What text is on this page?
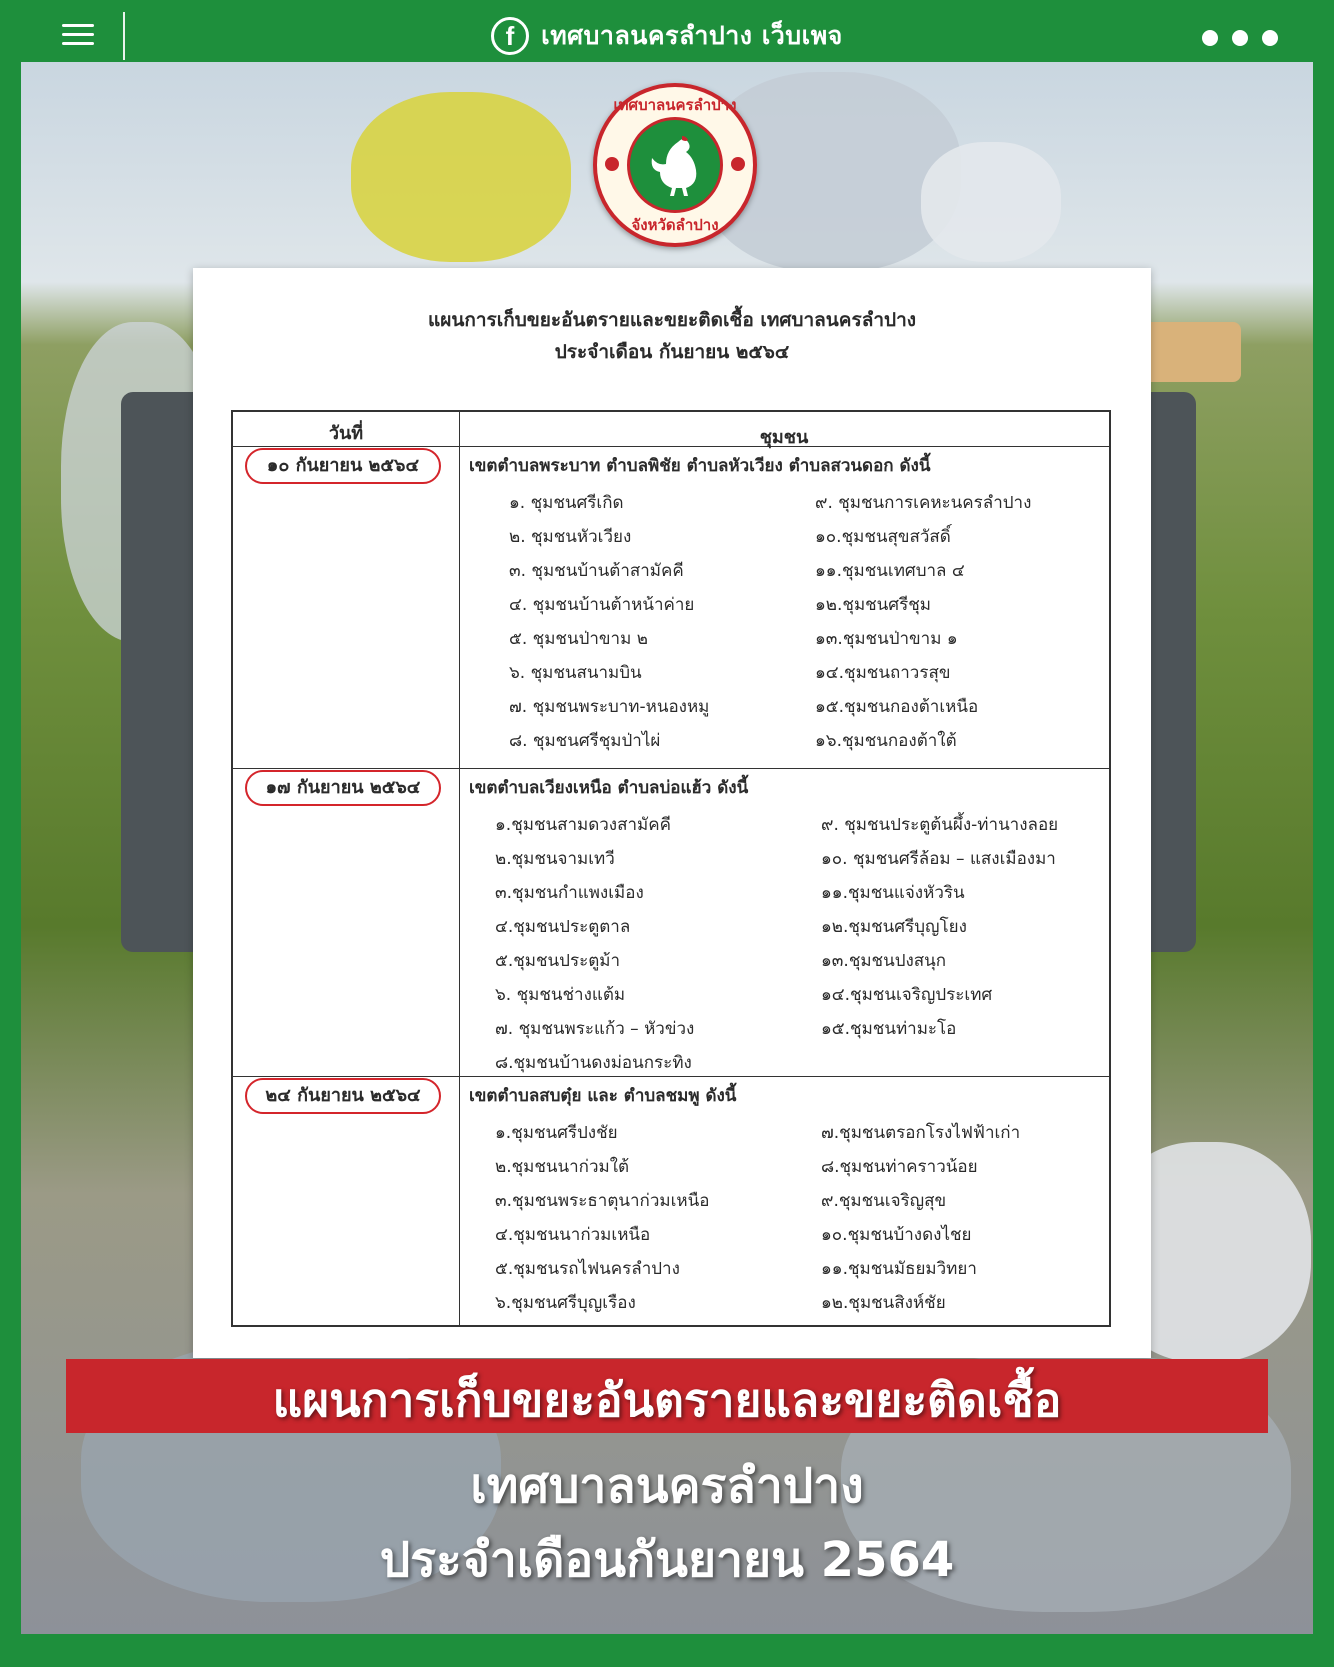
f เทศบาลนครลำปาง เว็บเพจ
เทศบาลนครลำปาง
จังหวัดลำปาง
แผนการเก็บขยะอันตรายและขยะติดเชื้อ เทศบาลนครลำปาง
ประจำเดือน กันยายน ๒๕๖๔
วันที่	ชุมชน
๑๐ กันยายน ๒๕๖๔	เขตตำบลพระบาท ตำบลพิชัย ตำบลหัวเวียง ตำบลสวนดอก ดังนี้
๑. ชุมชนศรีเกิด
๒. ชุมชนหัวเวียง
๓. ชุมชนบ้านต้าสามัคคี
๔. ชุมชนบ้านต้าหน้าค่าย
๕. ชุมชนป่าขาม ๒
๖. ชุมชนสนามบิน
๗. ชุมชนพระบาท-หนองหมู
๘. ชุมชนศรีชุมป่าไผ่
๙. ชุมชนการเคหะนครลำปาง
๑๐.ชุมชนสุขสวัสดิ์
๑๑.ชุมชนเทศบาล ๔
๑๒.ชุมชนศรีชุม
๑๓.ชุมชนป่าขาม ๑
๑๔.ชุมชนถาวรสุข
๑๕.ชุมชนกองต้าเหนือ
๑๖.ชุมชนกองต้าใต้
๑๗ กันยายน ๒๕๖๔	เขตตำบลเวียงเหนือ ตำบลบ่อแฮ้ว ดังนี้
๑.ชุมชนสามดวงสามัคคี
๒.ชุมชนจามเทวี
๓.ชุมชนกำแพงเมือง
๔.ชุมชนประตูตาล
๕.ชุมชนประตูม้า
๖. ชุมชนช่างแต้ม
๗. ชุมชนพระแก้ว – หัวข่วง
๘.ชุมชนบ้านดงม่อนกระทิง
๙. ชุมชนประตูต้นผึ้ง-ท่านางลอย
๑๐. ชุมชนศรีล้อม – แสงเมืองมา
๑๑.ชุมชนแจ่งหัวริน
๑๒.ชุมชนศรีบุญโยง
๑๓.ชุมชนปงสนุก
๑๔.ชุมชนเจริญประเทศ
๑๕.ชุมชนท่ามะโอ
๒๔ กันยายน ๒๕๖๔	เขตตำบลสบตุ๋ย และ ตำบลชมพู ดังนี้
๑.ชุมชนศรีปงชัย
๒.ชุมชนนาก่วมใต้
๓.ชุมชนพระธาตุนาก่วมเหนือ
๔.ชุมชนนาก่วมเหนือ
๕.ชุมชนรถไฟนครลำปาง
๖.ชุมชนศรีบุญเรือง
๗.ชุมชนตรอกโรงไฟฟ้าเก่า
๘.ชุมชนท่าคราวน้อย
๙.ชุมชนเจริญสุข
๑๐.ชุมชนบ้างดงไชย
๑๑.ชุมชนมัธยมวิทยา
๑๒.ชุมชนสิงห์ชัย
แผนการเก็บขยะอันตรายและขยะติดเชื้อ
เทศบาลนครลำปาง
ประจำเดือนกันยายน 2564
